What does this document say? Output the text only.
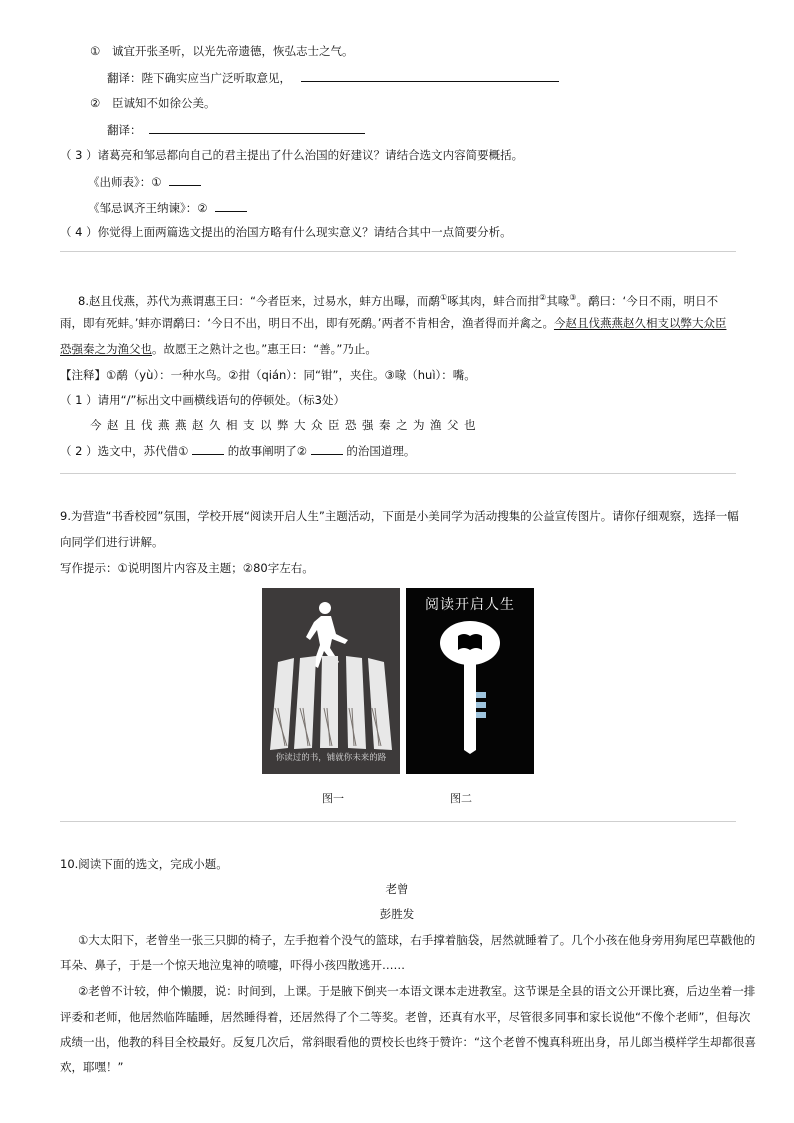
① 诚宜开张圣听，以光先帝遗德，恢弘志士之气。
翻译：陛下确实应当广泛听取意见，
② 臣诚知不如徐公美。
翻译：
（ 3 ）诸葛亮和邹忌都向自己的君主提出了什么治国的好建议？请结合选文内容简要概括。
《出师表》：①
《邹忌讽齐王纳谏》：②
（ 4 ）你觉得上面两篇选文提出的治国方略有什么现实意义？请结合其中一点简要分析。
8.赵且伐燕，苏代为燕谓惠王曰：“今者臣来，过易水，蚌方出曝，而鹬①啄其肉，蚌合而拑②其喙③。鹬曰：‘今日不雨，明日不
雨，即有死蚌。’蚌亦谓鹬曰：‘今日不出，明日不出，即有死鹬。’两者不肯相舍，渔者得而并禽之。今赵且伐燕燕赵久相支以弊大众臣
恐强秦之为渔父也。故愿王之熟计之也。”惠王曰：“善。”乃止。
【注释】①鹬（yù）：一种水鸟。②拑（qián）：同“钳”，夹住。③喙（huì）：嘴。
（ 1 ）请用“/”标出文中画横线语句的停顿处。（标3处）
今赵且伐燕燕赵久相支以弊大众臣恐强秦之为渔父也
（ 2 ）选文中，苏代借①	的故事阐明了②	的治国道理。
9.为营造“书香校园”氛围，学校开展“阅读开启人生”主题活动，下面是小美同学为活动搜集的公益宣传图片。请你仔细观察，选择一幅
向同学们进行讲解。
写作提示：①说明图片内容及主题；②80字左右。
你读过的书，铺就你未来的路
阅读开启人生
图一	图二
10.阅读下面的选文，完成小题。
老曾
彭胜发
①大太阳下，老曾坐一张三只脚的椅子，左手抱着个没气的篮球，右手撑着脑袋，居然就睡着了。几个小孩在他身旁用狗尾巴草戳他的
耳朵、鼻子，于是一个惊天地泣鬼神的喷嚏，吓得小孩四散逃开……
②老曾不计较，伸个懒腰，说：时间到，上课。于是腋下倒夹一本语文课本走进教室。这节课是全县的语文公开课比赛，后边坐着一排
评委和老师，他居然临阵瞌睡，居然睡得着，还居然得了个二等奖。老曾，还真有水平，尽管很多同事和家长说他“不像个老师”，但每次
成绩一出，他教的科目全校最好。反复几次后，常斜眼看他的贾校长也终于赞许：“这个老曾不愧真科班出身，吊儿郎当模样学生却都很喜
欢，耶嘿！”
